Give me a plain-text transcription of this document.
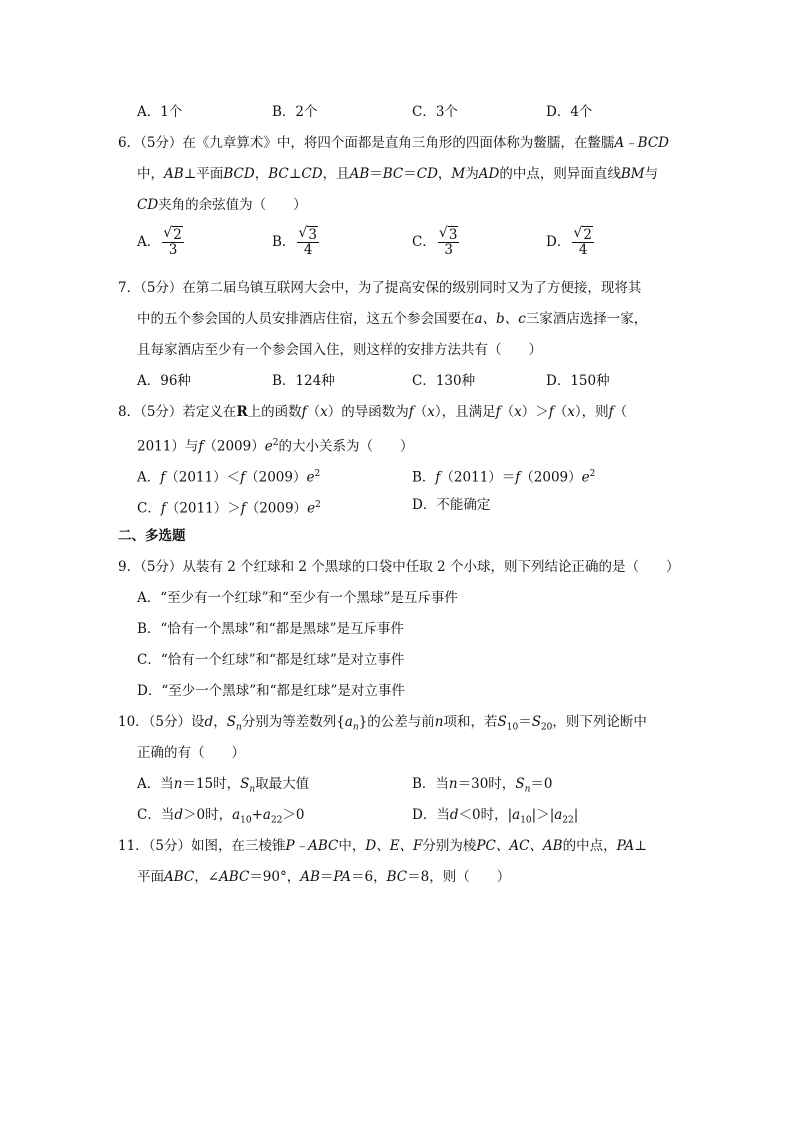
A．1个	B．2个	C．3个	D．4个
6．（5分）在《九章算术》中，将四个面都是直角三角形的四面体称为鳖臑，在鳖臑A﹣BCD
中，AB⊥平面BCD，BC⊥CD，且AB＝BC＝CD，M为AD的中点，则异面直线BM与
CD夹角的余弦值为（　　）
A． √ $\frac{2}{3}$	B． √ $\frac{3}{4}$	C． √ $\frac{3}{3}$	D． √ $\frac{2}{4}$
7．（5分）在第二届乌镇互联网大会中，为了提高安保的级别同时又为了方便接，现将其
中的五个参会国的人员安排酒店住宿，这五个参会国要在a、b、c三家酒店选择一家，
且每家酒店至少有一个参会国入住，则这样的安排方法共有（　　）
A．96种	B．124种	C．130种	D．150种
8．（5分）若定义在R上的函数f（x）的导函数为f（x），且满足f（x）＞f（x），则f（
2011）与$f(2009)e^2$的大小关系为（　　）
A．$f(2011)<f(2009)e^2$	B．$f(2011)=f(2009)e^2$
C．$f(2011)>f(2009)e^2$	D．不能确定
二、多选题
9．（5分）从装有 2 个红球和 2 个黑球的口袋中任取 2 个小球，则下列结论正确的是（　　）
A．“至少有一个红球”和“至少有一个黑球”是互斥事件
B．“恰有一个黑球”和“都是黑球”是互斥事件
C．“恰有一个红球”和“都是红球”是对立事件
D．“至少一个黑球”和“都是红球”是对立事件
10．（5分）设d，$S_n$分别为等差数列$\{a_n\}$的公差与前n项和，若$S_{10}=S_{20}$，则下列论断中
正确的有（　　）
A．当n＝15时，$S_n$取最大值	B．当n＝30时，$S_n=0$
C．当d＞0时，$a_{10}+a_{22}>0$	D．当d＜0时，$|a_{10}|>|a_{22}|$
11．（5分）如图，在三棱锥P﹣ABC中，D、E、F分别为棱PC、AC、AB的中点，PA⊥
平面ABC，∠ABC＝90°，AB＝PA＝6，BC＝8，则（　　）
